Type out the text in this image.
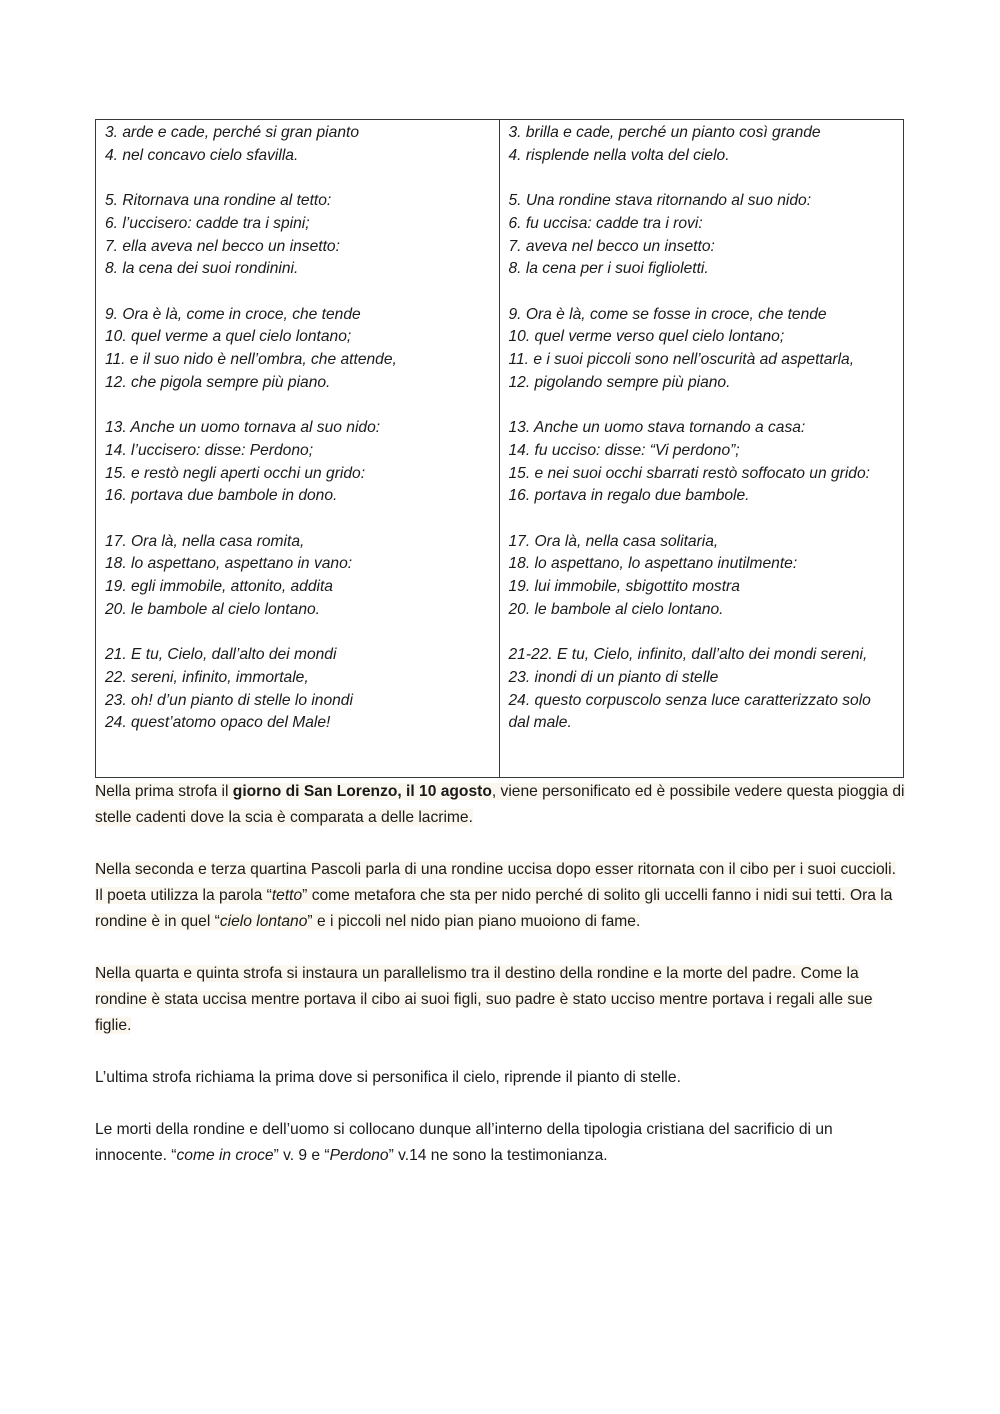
3. arde e cade, perché si gran pianto
4. nel concavo cielo sfavilla.
5. Ritornava una rondine al tetto:
6. l’uccisero: cadde tra i spini;
7. ella aveva nel becco un insetto:
8. la cena dei suoi rondinini.
9. Ora è là, come in croce, che tende
10. quel verme a quel cielo lontano;
11. e il suo nido è nell’ombra, che attende,
12. che pigola sempre più piano.
13. Anche un uomo tornava al suo nido:
14. l’uccisero: disse: Perdono;
15. e restò negli aperti occhi un grido:
16. portava due bambole in dono.
17. Ora là, nella casa romita,
18. lo aspettano, aspettano in vano:
19. egli immobile, attonito, addita
20. le bambole al cielo lontano.
21. E tu, Cielo, dall’alto dei mondi
22. sereni, infinito, immortale,
23. oh! d’un pianto di stelle lo inondi
24. quest’atomo opaco del Male!
3. brilla e cade, perché un pianto così grande
4. risplende nella volta del cielo.
5. Una rondine stava ritornando al suo nido:
6. fu uccisa: cadde tra i rovi:
7. aveva nel becco un insetto:
8. la cena per i suoi figlioletti.
9. Ora è là, come se fosse in croce, che tende
10. quel verme verso quel cielo lontano;
11. e i suoi piccoli sono nell’oscurità ad aspettarla,
12. pigolando sempre più piano.
13. Anche un uomo stava tornando a casa:
14. fu ucciso: disse: “Vi perdono”;
15. e nei suoi occhi sbarrati restò soffocato un grido:
16. portava in regalo due bambole.
17. Ora là, nella casa solitaria,
18. lo aspettano, lo aspettano inutilmente:
19. lui immobile, sbigottito mostra
20. le bambole al cielo lontano.
21-22. E tu, Cielo, infinito, dall’alto dei mondi sereni,
23. inondi di un pianto di stelle
24. questo corpuscolo senza luce caratterizzato solo dal male.

Nella prima strofa il giorno di San Lorenzo, il 10 agosto, viene personificato ed è possibile vedere questa pioggia di stelle cadenti dove la scia è comparata a delle lacrime.

Nella seconda e terza quartina Pascoli parla di una rondine uccisa dopo esser ritornata con il cibo per i suoi cuccioli. Il poeta utilizza la parola “tetto” come metafora che sta per nido perché di solito gli uccelli fanno i nidi sui tetti. Ora la rondine è in quel “cielo lontano” e i piccoli nel nido pian piano muoiono di fame.

Nella quarta e quinta strofa si instaura un parallelismo tra il destino della rondine e la morte del padre. Come la rondine è stata uccisa mentre portava il cibo ai suoi figli, suo padre è stato ucciso mentre portava i regali alle sue figlie.

L’ultima strofa richiama la prima dove si personifica il cielo, riprende il pianto di stelle.

Le morti della rondine e dell’uomo si collocano dunque all’interno della tipologia cristiana del sacrificio di un innocente. “come in croce” v. 9 e “Perdono” v.14 ne sono la testimonianza.
